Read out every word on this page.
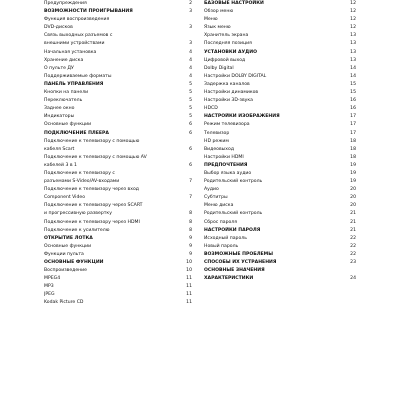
Предупреждения	2
ВОЗМОЖНОСТИ ПРОИГРЫВАНИЯ	3
Функция воспроизведения
DVD-дисков	3
Связь выходных разъемов с
внешними устройствами	3
Начальная установка	4
Хранение диска	4
О пульте ДУ	4
Поддерживаемые форматы	4
ПАНЕЛЬ УПРАВЛЕНИЯ	5
Кнопки на панели	5
Переключатель	5
Заднее окно	5
Индикаторы	5
Основные функции	6
ПОДКЛЮЧЕНИЕ ПЛЕЕРА	6
Подключение к телевизору с помощью
кабеля Scart	6
Подключение к телевизору с помощью AV
кабелей 3 в 1	6
Подключение к телевизору с
разъемами S-Video/AV-входами	7
Подключение к телевизору через вход
Component Video	7
Подключение к телевизору через SCART
и прогрессивную развертку	8
Подключение к телевизору через HDMI	8
Подключение к усилителю	8
ОТКРЫТИЕ ЛОТКА	9
Основные функции	9
Функции пульта	9
ОСНОВНЫЕ ФУНКЦИИ	10
Воспроизведение	10
MPEG4	11
MP3	11
JPEG	11
Kodak Picture CD	11
БАЗОВЫЕ НАСТРОЙКИ	12
Обзор меню	12
Меню	12
Язык меню	12
Хранитель экрана	13
Последняя позиция	13
УСТАНОВКИ АУДИО	13
Цифровой выход	13
Dolby Digital	14
Настройки DOLBY DIGITAL	14
Задержка каналов	15
Настройки динамиков	15
Настройки 3D-звука	16
HDCD	16
НАСТРОЙКИ ИЗОБРАЖЕНИЯ	17
Режим телевизора	17
Телевизор	17
HD режим	18
Видеовыход	18
Настройки HDMI	18
ПРЕДПОЧТЕНИЯ	19
Выбор языка аудио	19
Родительский контроль	19
Аудио	20
Субтитры	20
Меню диска	20
Родительский контроль	21
Сброс пароля	21
НАСТРОЙКИ ПАРОЛЯ	21
Исходный пароль	22
Новый пароль	22
ВОЗМОЖНЫЕ ПРОБЛЕМЫ	22
СПОСОБЫ ИХ УСТРАНЕНИЯ	23
ОСНОВНЫЕ ЗНАЧЕНИЯ
ХАРАКТЕРИСТИКИ	24
